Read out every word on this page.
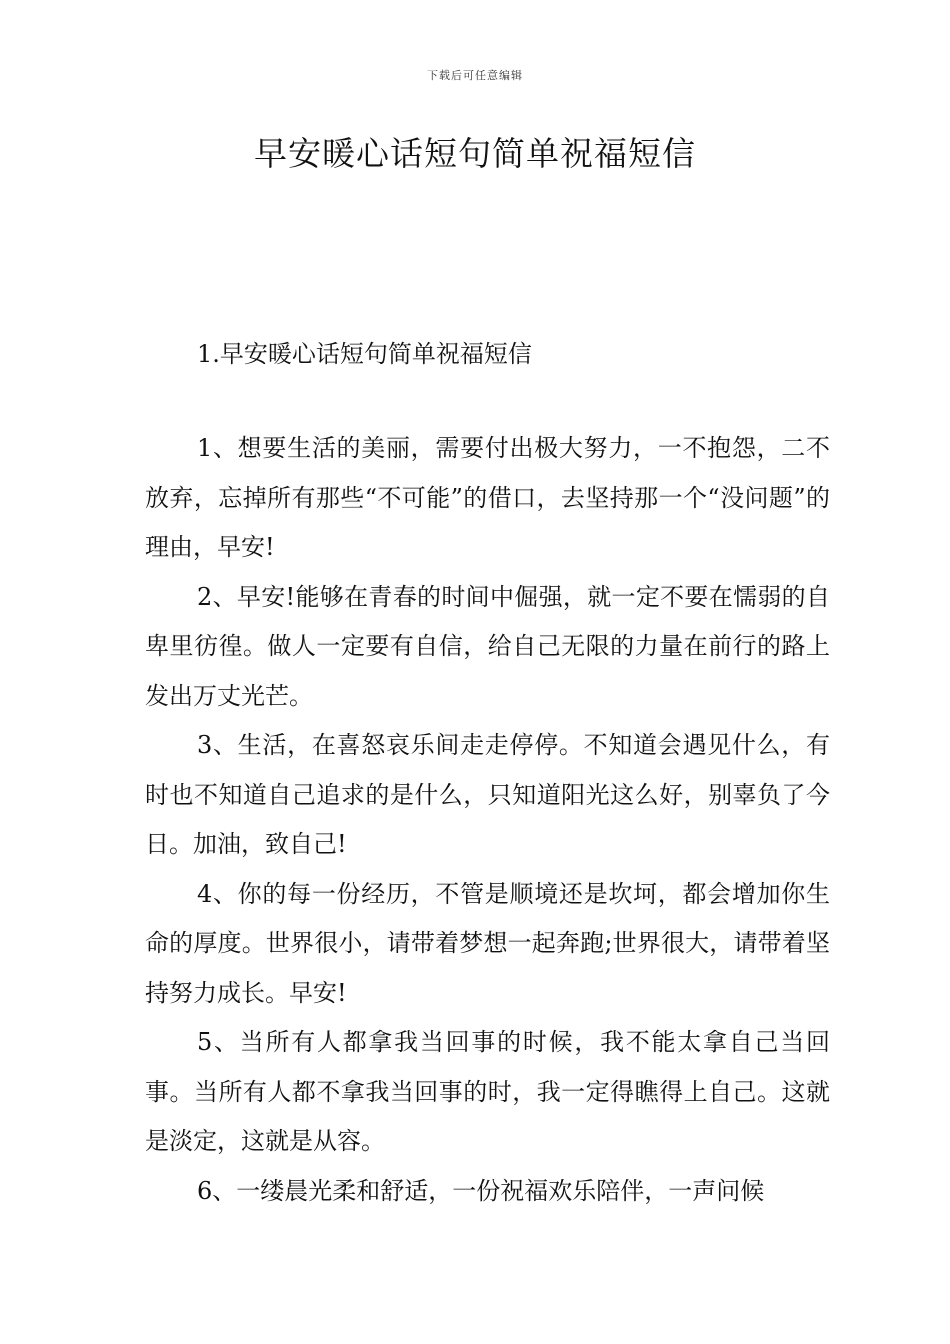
下载后可任意编辑
早安暖心话短句简单祝福短信
1.早安暖心话短句简单祝福短信

1、想要生活的美丽，需要付出极大努力，一不抱怨，二不放弃，忘掉所有那些“不可能”的借口，去坚持那一个“没问题”的理由，早安!

2、早安!能够在青春的时间中倔强，就一定不要在懦弱的自卑里彷徨。做人一定要有自信，给自己无限的力量在前行的路上发出万丈光芒。

3、生活，在喜怒哀乐间走走停停。不知道会遇见什么，有时也不知道自己追求的是什么，只知道阳光这么好，别辜负了今日。加油，致自己!

4、你的每一份经历，不管是顺境还是坎坷，都会增加你生命的厚度。世界很小，请带着梦想一起奔跑;世界很大，请带着坚持努力成长。早安!

5、当所有人都拿我当回事的时候，我不能太拿自己当回事。当所有人都不拿我当回事的时，我一定得瞧得上自己。这就是淡定，这就是从容。

6、一缕晨光柔和舒适，一份祝福欢乐陪伴，一声问候
